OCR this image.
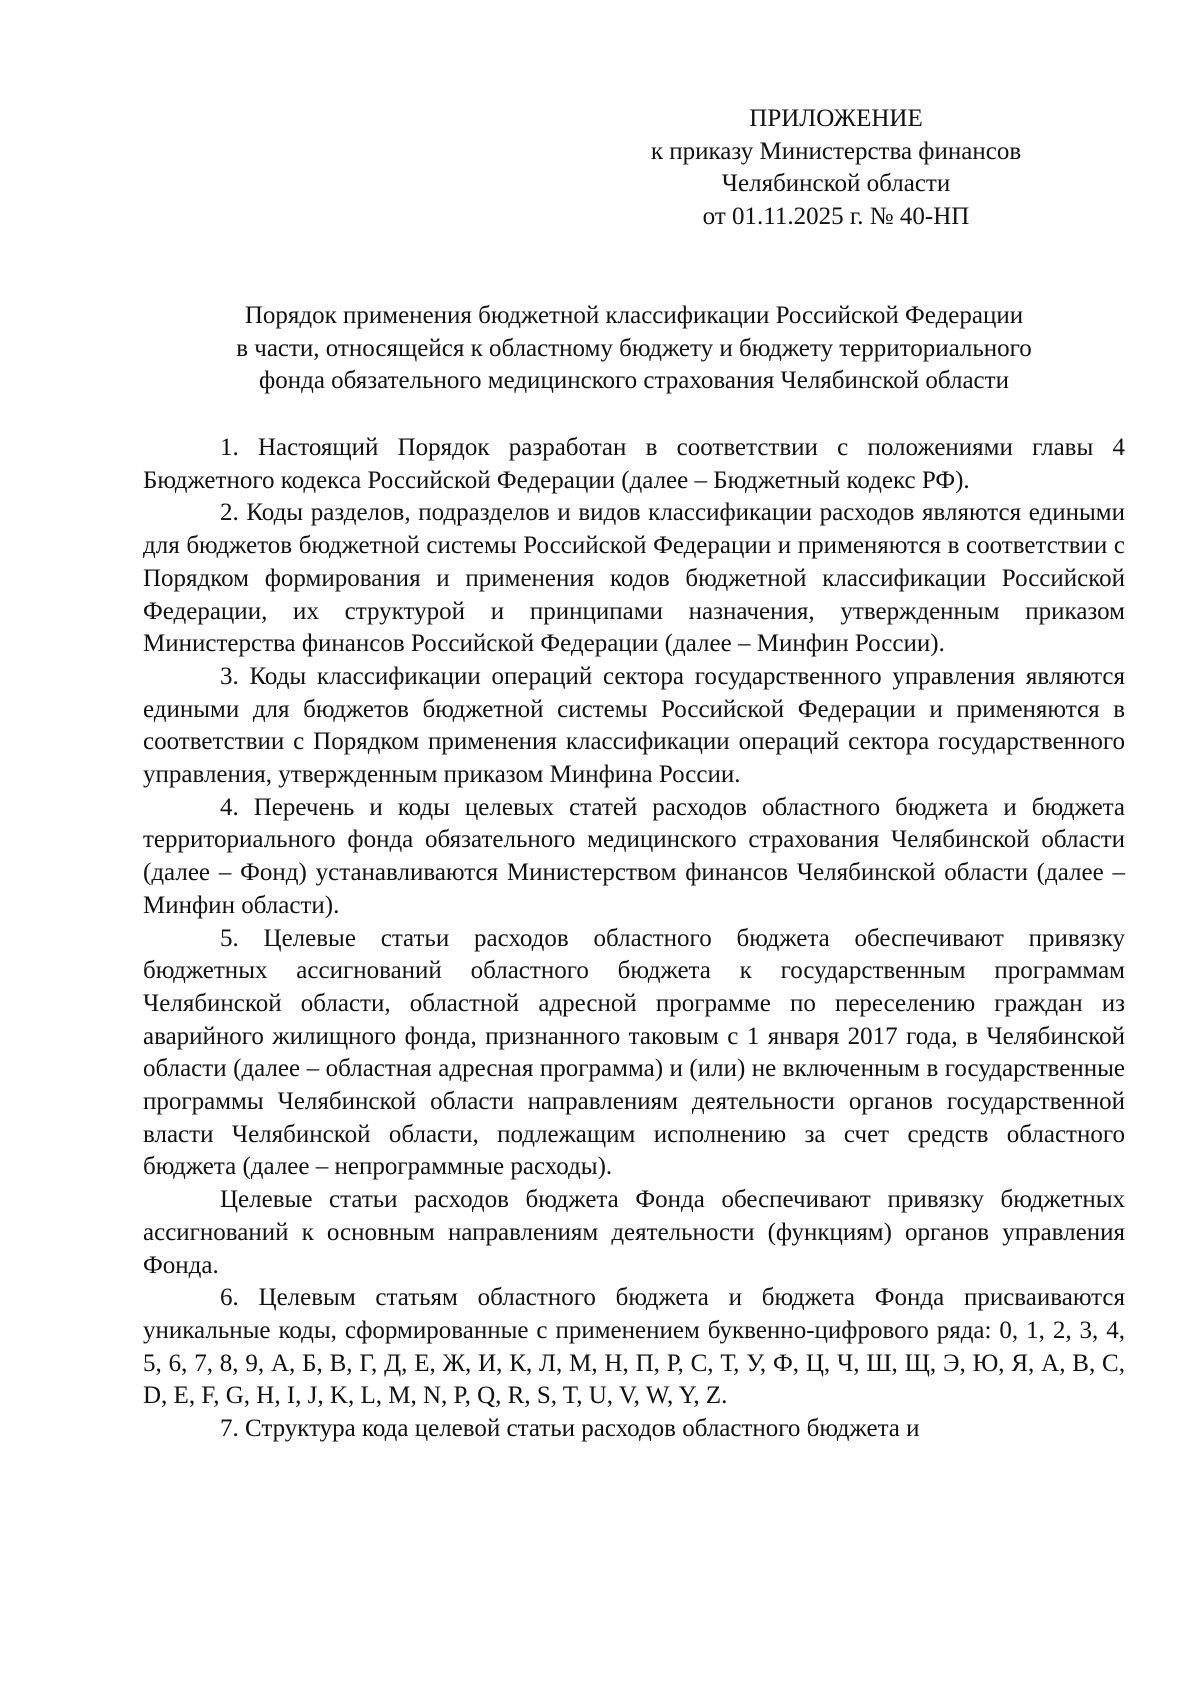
ПРИЛОЖЕНИЕ
к приказу Министерства финансов
Челябинской области
от 01.11.2025 г. № 40-НП
Порядок применения бюджетной классификации Российской Федерации
в части, относящейся к областному бюджету и бюджету территориального
фонда обязательного медицинского страхования Челябинской области

1. Настоящий Порядок разработан в соответствии с положениями главы 4 Бюджетного кодекса Российской Федерации (далее – Бюджетный кодекс РФ).

2. Коды разделов, подразделов и видов классификации расходов являются едиными для бюджетов бюджетной системы Российской Федерации и применяются в соответствии с Порядком формирования и применения кодов бюджетной классификации Российской Федерации, их структурой и принципами назначения, утвержденным приказом Министерства финансов Российской Федерации (далее – Минфин России).

3. Коды классификации операций сектора государственного управления являются едиными для бюджетов бюджетной системы Российской Федерации и применяются в соответствии с Порядком применения классификации операций сектора государственного управления, утвержденным приказом Минфина России.

4. Перечень и коды целевых статей расходов областного бюджета и бюджета территориального фонда обязательного медицинского страхования Челябинской области (далее – Фонд) устанавливаются Министерством финансов Челябинской области (далее – Минфин области).

5. Целевые статьи расходов областного бюджета обеспечивают привязку бюджетных ассигнований областного бюджета к государственным программам Челябинской области, областной адресной программе по переселению граждан из аварийного жилищного фонда, признанного таковым с 1 января 2017 года, в Челябинской области (далее – областная адресная программа) и (или) не включенным в государственные программы Челябинской области направлениям деятельности органов государственной власти Челябинской области, подлежащим исполнению за счет средств областного бюджета (далее – непрограммные расходы).

Целевые статьи расходов бюджета Фонда обеспечивают привязку бюджетных ассигнований к основным направлениям деятельности (функциям) органов управления Фонда.

6. Целевым статьям областного бюджета и бюджета Фонда присваиваются уникальные коды, сформированные с применением буквенно-цифрового ряда: 0, 1, 2, 3, 4, 5, 6, 7, 8, 9, А, Б, В, Г, Д, Е, Ж, И, К, Л, М, Н, П, Р, С, Т, У, Ф, Ц, Ч, Ш, Щ, Э, Ю, Я, A, B, C, D, E, F, G, H, I, J, K, L, M, N, P, Q, R, S, T, U, V, W, Y, Z.

7. Структура кода целевой статьи расходов областного бюджета и
